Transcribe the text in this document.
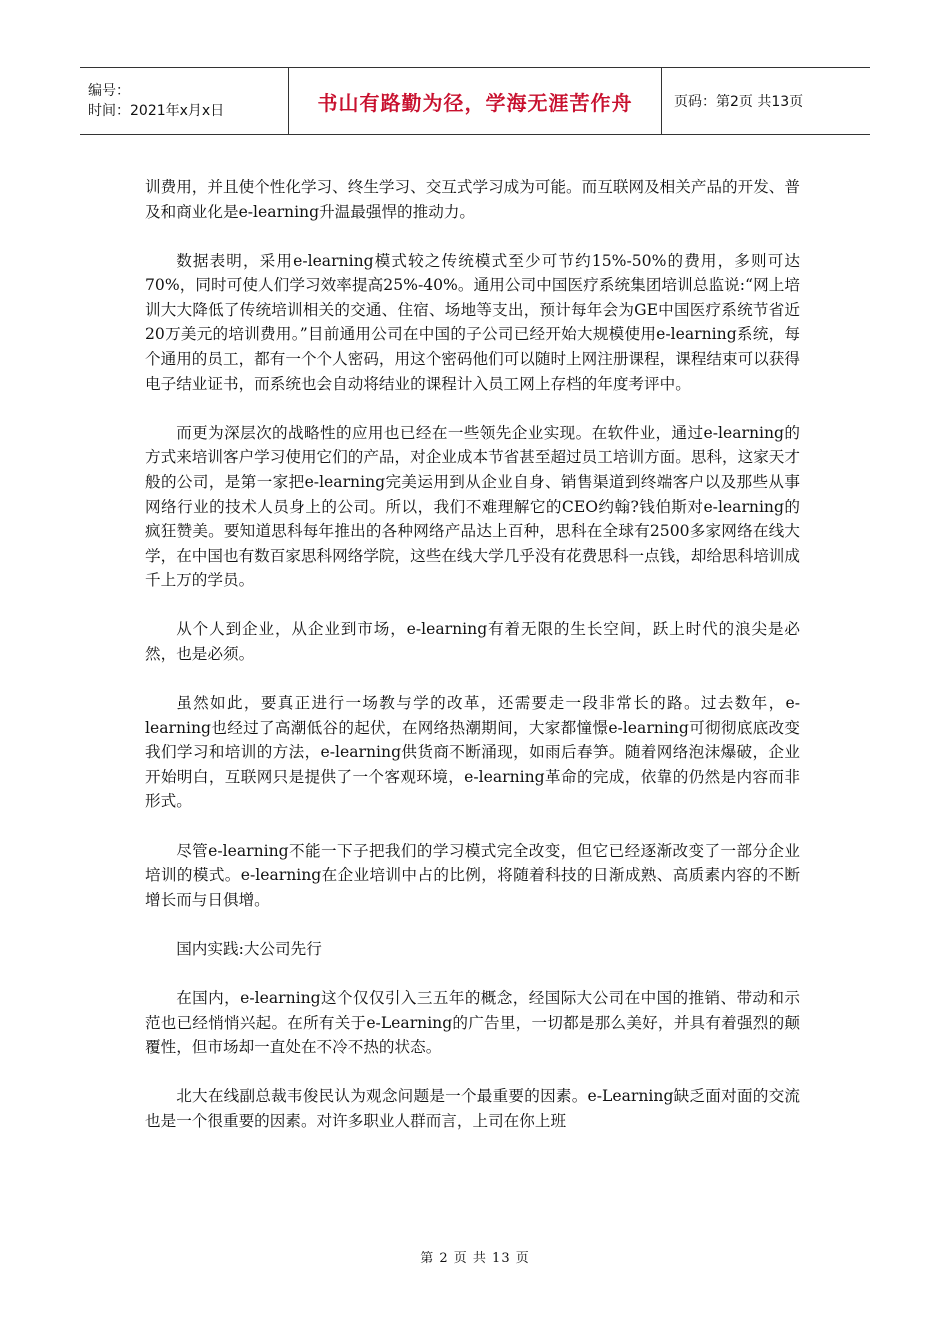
编号：
时间：2021年x月x日	书山有路勤为径，学海无涯苦作舟	页码：第2页 共13页

训费用，并且使个性化学习、终生学习、交互式学习成为可能。而互联网及相关产品的开发、普及和商业化是e-learning升温最强悍的推动力。

数据表明，采用e-learning模式较之传统模式至少可节约15%-50%的费用，多则可达70%，同时可使人们学习效率提高25%-40%。通用公司中国医疗系统集团培训总监说:“网上培训大大降低了传统培训相关的交通、住宿、场地等支出，预计每年会为GE中国医疗系统节省近20万美元的培训费用。”目前通用公司在中国的子公司已经开始大规模使用e-learning系统，每个通用的员工，都有一个个人密码，用这个密码他们可以随时上网注册课程，课程结束可以获得电子结业证书，而系统也会自动将结业的课程计入员工网上存档的年度考评中。

而更为深层次的战略性的应用也已经在一些领先企业实现。在软件业，通过e-learning的方式来培训客户学习使用它们的产品，对企业成本节省甚至超过员工培训方面。思科，这家天才般的公司，是第一家把e-learning完美运用到从企业自身、销售渠道到终端客户以及那些从事网络行业的技术人员身上的公司。所以，我们不难理解它的CEO约翰?钱伯斯对e-learning的疯狂赞美。要知道思科每年推出的各种网络产品达上百种，思科在全球有2500多家网络在线大学，在中国也有数百家思科网络学院，这些在线大学几乎没有花费思科一点钱，却给思科培训成千上万的学员。

从个人到企业，从企业到市场，e-learning有着无限的生长空间，跃上时代的浪尖是必然，也是必须。

虽然如此，要真正进行一场教与学的改革，还需要走一段非常长的路。过去数年，e-learning也经过了高潮低谷的起伏，在网络热潮期间，大家都憧憬e-learning可彻彻底底改变我们学习和培训的方法，e-learning供货商不断涌现，如雨后春笋。随着网络泡沫爆破，企业开始明白，互联网只是提供了一个客观环境，e-learning革命的完成，依靠的仍然是内容而非形式。

尽管e-learning不能一下子把我们的学习模式完全改变，但它已经逐渐改变了一部分企业培训的模式。e-learning在企业培训中占的比例，将随着科技的日渐成熟、高质素内容的不断增长而与日俱增。

国内实践:大公司先行

在国内，e-learning这个仅仅引入三五年的概念，经国际大公司在中国的推销、带动和示范也已经悄悄兴起。在所有关于e-Learning的广告里，一切都是那么美好，并具有着强烈的颠覆性，但市场却一直处在不冷不热的状态。

北大在线副总裁韦俊民认为观念问题是一个最重要的因素。e-Learning缺乏面对面的交流也是一个很重要的因素。对许多职业人群而言，上司在你上班

第 2 页 共 13 页
